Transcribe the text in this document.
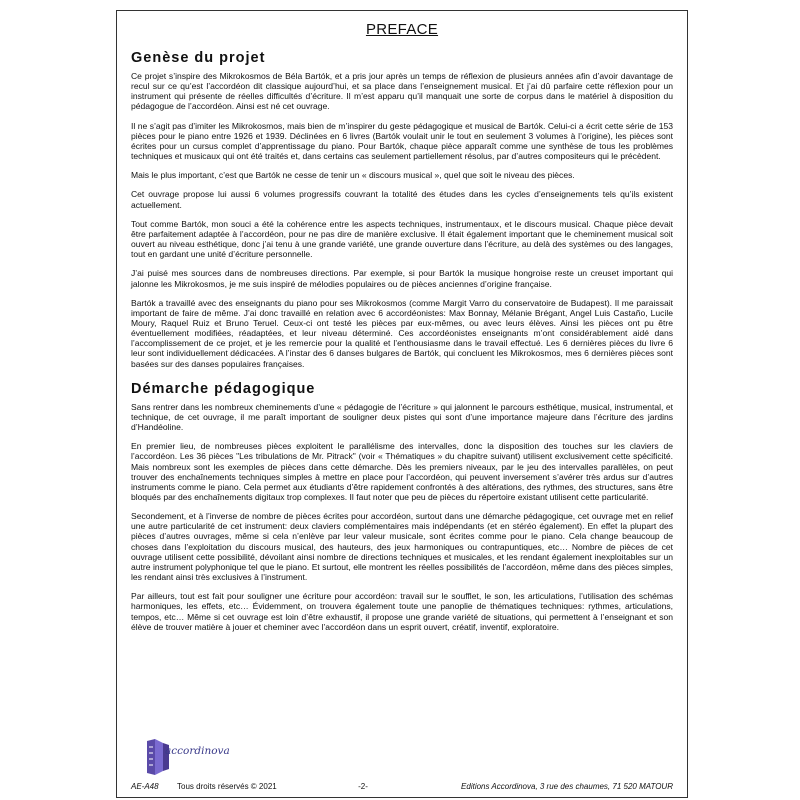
PREFACE
Genèse du projet

Ce projet s’inspire des Mikrokosmos de Béla Bartók, et a pris jour après un temps de réflexion de plusieurs années afin d’avoir davantage de recul sur ce qu’est l’accordéon dit classique aujourd’hui, et sa place dans l’enseignement musical. Et j’ai dû parfaire cette réflexion pour un instrument qui présente de réelles difficultés d’écriture. Il m’est apparu qu’il manquait une sorte de corpus dans le matériel à disposition du pédagogue de l’accordéon. Ainsi est né cet ouvrage.

Il ne s’agit pas d’imiter les Mikrokosmos, mais bien de m’inspirer du geste pédagogique et musical de Bartók. Celui-ci a écrit cette série de 153 pièces pour le piano entre 1926 et 1939. Déclinées en 6 livres (Bartók voulait unir le tout en seulement 3 volumes à l’origine), les pièces sont écrites pour un cursus complet d’apprentissage du piano. Pour Bartók, chaque pièce apparaît comme une synthèse de tous les problèmes techniques et musicaux qui ont été traités et, dans certains cas seulement partiellement résolus, par d’autres compositeurs qui le précèdent.

Mais le plus important, c’est que Bartók ne cesse de tenir un « discours musical », quel que soit le niveau des pièces.

Cet ouvrage propose lui aussi 6 volumes progressifs couvrant la totalité des études dans les cycles d’enseignements tels qu’ils existent actuellement.

Tout comme Bartók, mon souci a été la cohérence entre les aspects techniques, instrumentaux, et le discours musical. Chaque pièce devait être parfaitement adaptée à l’accordéon, pour ne pas dire de manière exclusive. Il était également important que le cheminement musical soit ouvert au niveau esthétique, donc j’ai tenu à une grande variété, une grande ouverture dans l’écriture, au delà des systèmes ou des langages, tout en gardant une unité d’écriture personnelle.

J’ai puisé mes sources dans de nombreuses directions. Par exemple, si pour Bartók la musique hongroise reste un creuset important qui jalonne les Mikrokosmos, je me suis inspiré de mélodies populaires ou de pièces anciennes d’origine française.

Bartók a travaillé avec des enseignants du piano pour ses Mikrokosmos (comme Margit Varro du conservatoire de Budapest). Il me paraissait important de faire de même. J’ai donc travaillé en relation avec 6 accordéonistes: Max Bonnay, Mélanie Brégant, Angel Luis Castaño, Lucile Moury, Raquel Ruiz et Bruno Teruel. Ceux-ci ont testé les pièces par eux-mêmes, ou avec leurs élèves. Ainsi les pièces ont pu être éventuellement modifiées, réadaptées, et leur niveau déterminé. Ces accordéonistes enseignants m’ont considérablement aidé dans l’accomplissement de ce projet, et je les remercie pour la qualité et l’enthousiasme dans le travail effectué. Les 6 dernières pièces du livre 6 leur sont individuellement dédicacées. A l’instar des 6 danses bulgares de Bartók, qui concluent les Mikrokosmos, mes 6 dernières pièces sont basées sur des danses populaires françaises.

Démarche pédagogique

Sans rentrer dans les nombreux cheminements d’une « pédagogie de l’écriture » qui jalonnent le parcours esthétique, musical, instrumental, et technique, de cet ouvrage, il me paraît important de souligner deux pistes qui sont d’une importance majeure dans l’écriture des jardins d’Handéoline.

En premier lieu, de nombreuses pièces exploitent le parallélisme des intervalles, donc la disposition des touches sur les claviers de l’accordéon. Les 36 pièces "Les tribulations de Mr. Pitrack" (voir « Thématiques » du chapitre suivant) utilisent exclusivement cette spécificité. Mais nombreux sont les exemples de pièces dans cette démarche. Dès les premiers niveaux, par le jeu des intervalles parallèles, on peut trouver des enchaînements techniques simples à mettre en place pour l’accordéon, qui peuvent inversement s’avérer très ardus sur d’autres instruments comme le piano. Cela permet aux étudiants d’être rapidement confrontés à des altérations, des rythmes, des structures, sans être bloqués par des enchaînements digitaux trop complexes. Il faut noter que peu de pièces du répertoire existant utilisent cette particularité.

Secondement, et à l’inverse de nombre de pièces écrites pour accordéon, surtout dans une démarche pédagogique, cet ouvrage met en relief une autre particularité de cet instrument: deux claviers complémentaires mais indépendants (et en stéréo également). En effet la plupart des pièces d’autres ouvrages, même si cela n’enlève par leur valeur musicale, sont écrites comme pour le piano. Cela change beaucoup de choses dans l’exploitation du discours musical, des hauteurs, des jeux harmoniques ou contrapuntiques, etc… Nombre de pièces de cet ouvrage utilisent cette possibilité, dévoilant ainsi nombre de directions techniques et musicales, et les rendant également inexploitables sur un autre instrument polyphonique tel que le piano. Et surtout, elle montrent les réelles possibilités de l’accordéon, même dans des pièces simples, les rendant ainsi très exclusives à l’instrument.

Par ailleurs, tout est fait pour souligner une écriture pour accordéon: travail sur le soufflet, le son, les articulations, l’utilisation des schémas harmoniques, les effets, etc… Évidemment, on trouvera également toute une panoplie de thématiques techniques: rythmes, articulations, tempos, etc… Même si cet ouvrage est loin d’être exhaustif, il propose une grande variété de situations, qui permettent à l’enseignant et son élève de trouver matière à jouer et cheminer avec l’accordéon dans un esprit ouvert, créatif, inventif, exploratoire.

accordinova
AE-A48	Tous droits réservés © 2021	-2-	Editions Accordinova, 3 rue des chaumes, 71 520 MATOUR
